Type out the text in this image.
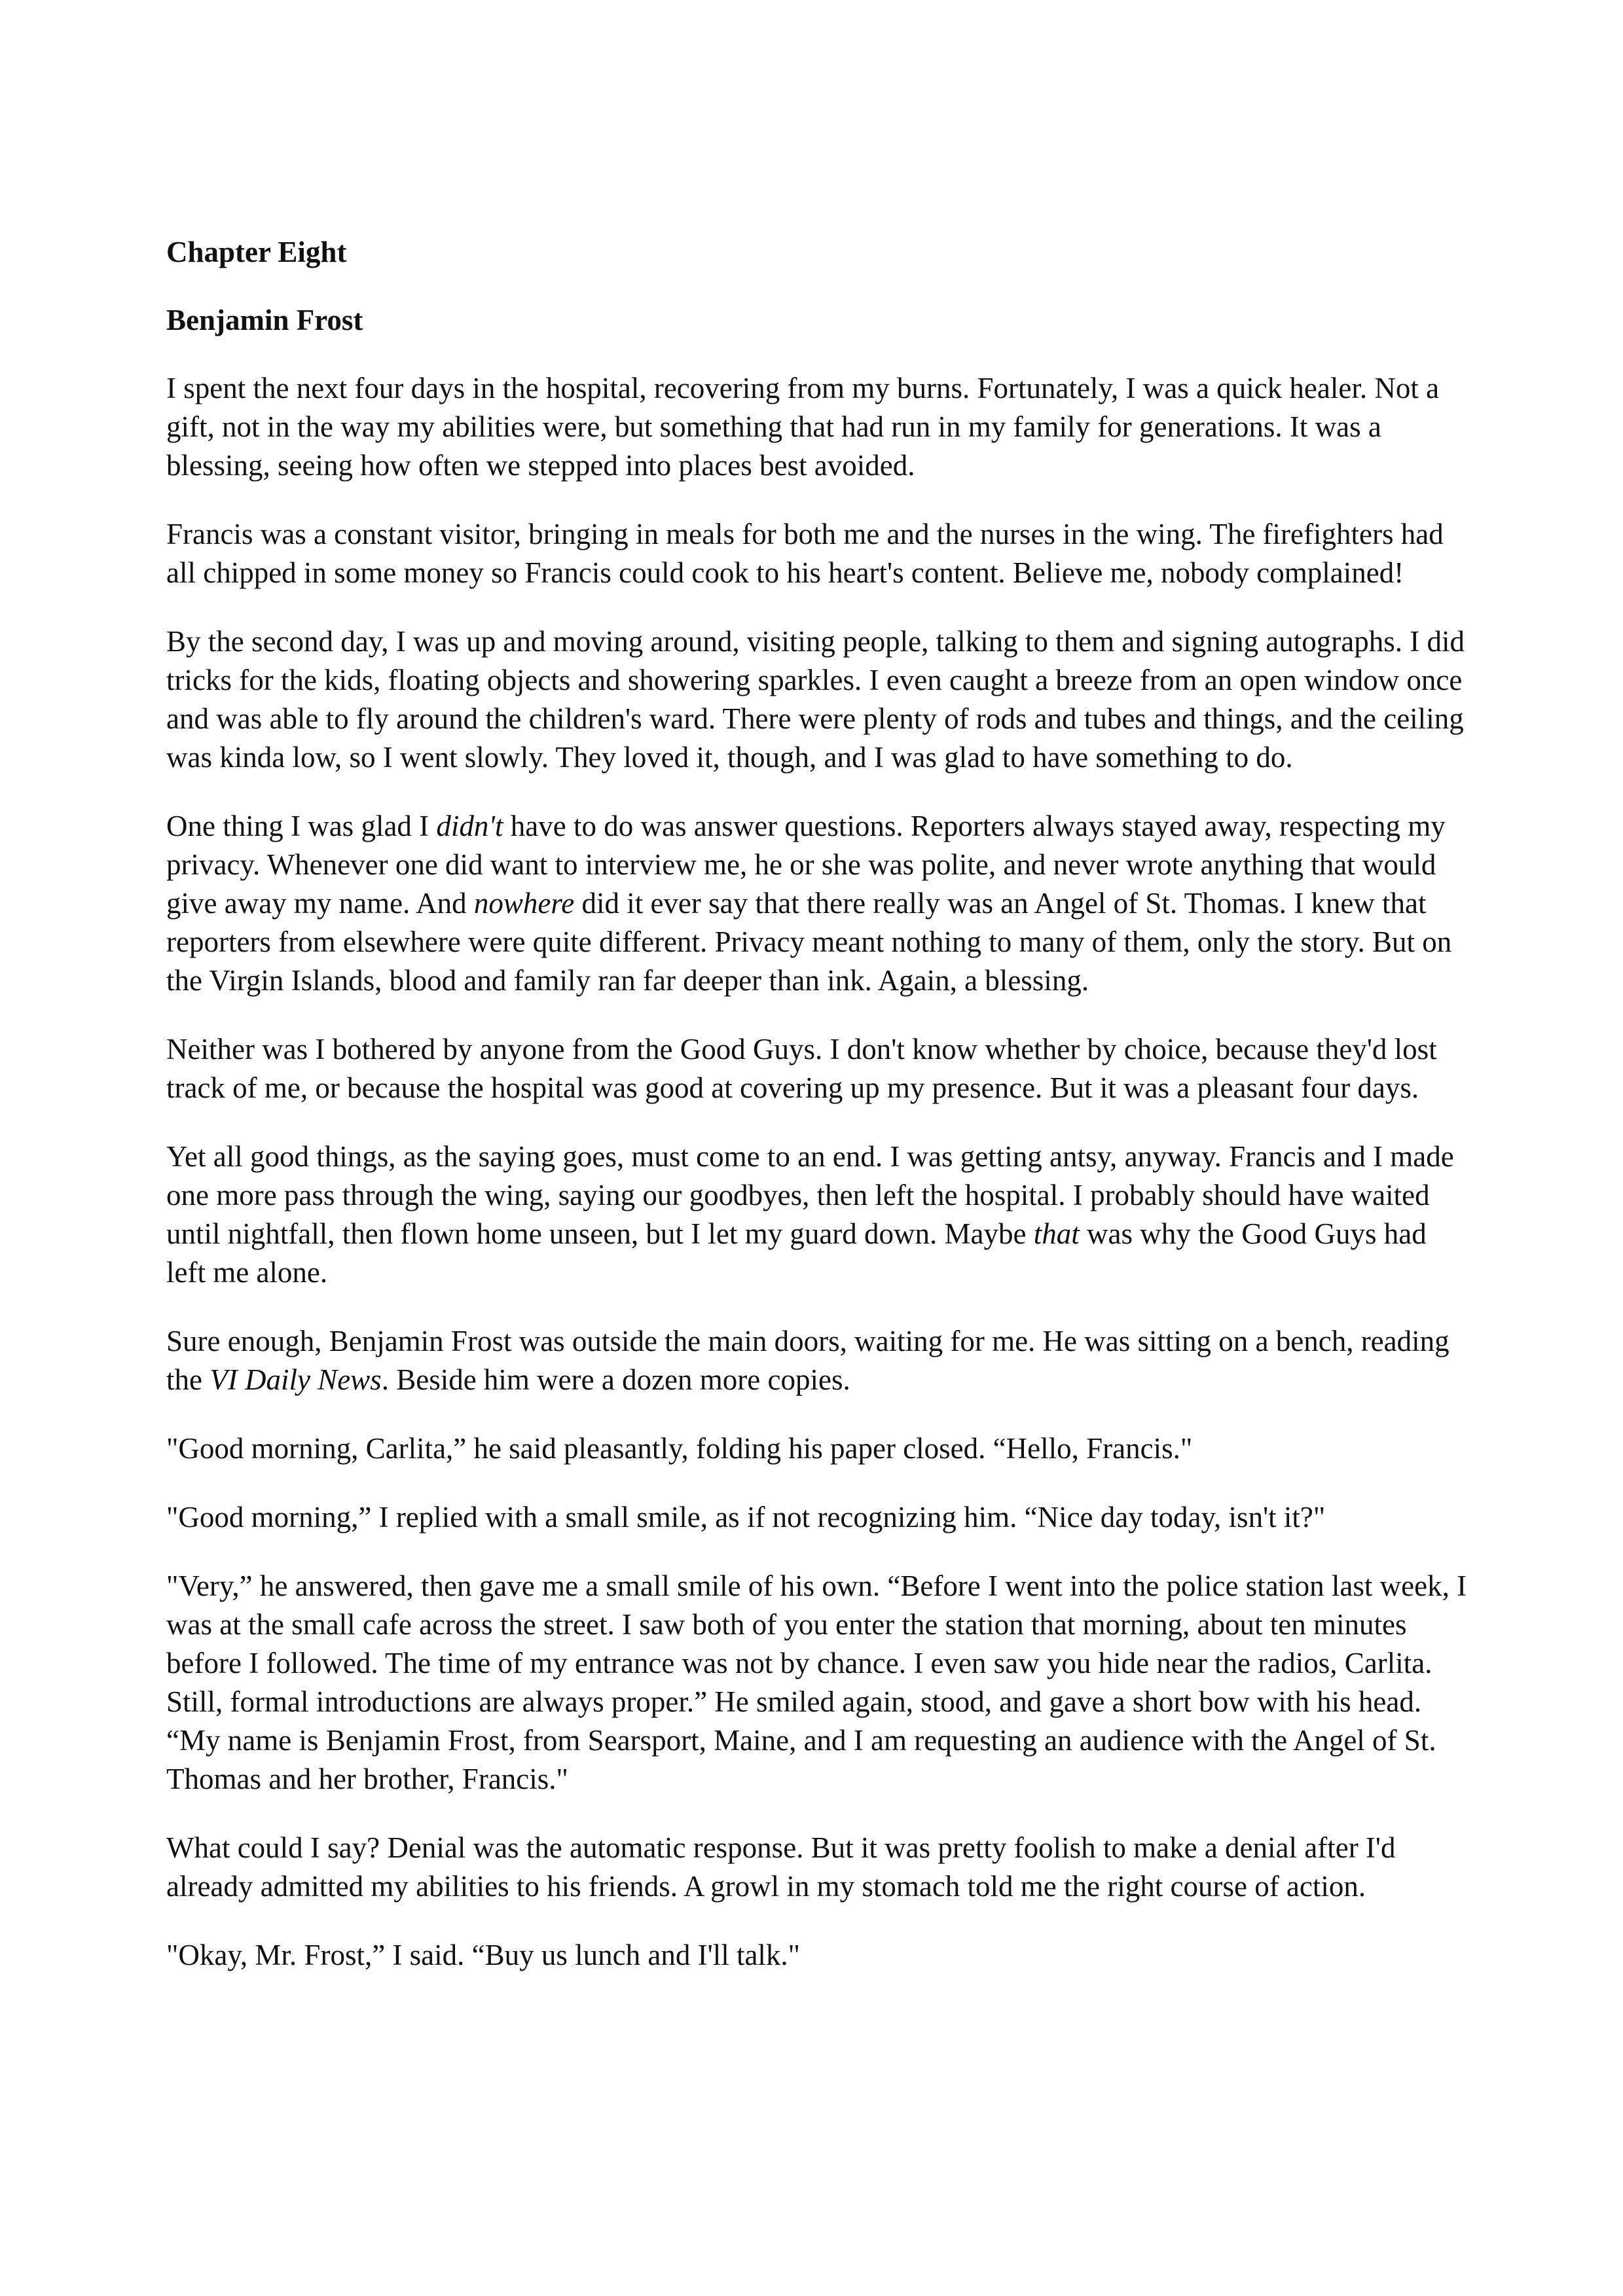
Chapter Eight

Benjamin Frost

I spent the next four days in the hospital, recovering from my burns. Fortunately, I was a quick healer. Not a gift, not in the way my abilities were, but something that had run in my family for generations. It was a blessing, seeing how often we stepped into places best avoided.

Francis was a constant visitor, bringing in meals for both me and the nurses in the wing. The firefighters had all chipped in some money so Francis could cook to his heart's content. Believe me, nobody complained!

By the second day, I was up and moving around, visiting people, talking to them and signing autographs. I did tricks for the kids, floating objects and showering sparkles. I even caught a breeze from an open window once and was able to fly around the children's ward. There were plenty of rods and tubes and things, and the ceiling was kinda low, so I went slowly. They loved it, though, and I was glad to have something to do.

One thing I was glad I didn't have to do was answer questions. Reporters always stayed away, respecting my privacy. Whenever one did want to interview me, he or she was polite, and never wrote anything that would give away my name. And nowhere did it ever say that there really was an Angel of St. Thomas. I knew that reporters from elsewhere were quite different. Privacy meant nothing to many of them, only the story. But on the Virgin Islands, blood and family ran far deeper than ink. Again, a blessing.

Neither was I bothered by anyone from the Good Guys. I don't know whether by choice, because they'd lost track of me, or because the hospital was good at covering up my presence. But it was a pleasant four days.

Yet all good things, as the saying goes, must come to an end. I was getting antsy, anyway. Francis and I made one more pass through the wing, saying our goodbyes, then left the hospital. I probably should have waited until nightfall, then flown home unseen, but I let my guard down. Maybe that was why the Good Guys had left me alone.

Sure enough, Benjamin Frost was outside the main doors, waiting for me. He was sitting on a bench, reading the VI Daily News. Beside him were a dozen more copies.

"Good morning, Carlita,” he said pleasantly, folding his paper closed. “Hello, Francis."

"Good morning,” I replied with a small smile, as if not recognizing him. “Nice day today, isn't it?"

"Very,” he answered, then gave me a small smile of his own. “Before I went into the police station last week, I was at the small cafe across the street. I saw both of you enter the station that morning, about ten minutes before I followed. The time of my entrance was not by chance. I even saw you hide near the radios, Carlita. Still, formal introductions are always proper.” He smiled again, stood, and gave a short bow with his head. “My name is Benjamin Frost, from Searsport, Maine, and I am requesting an audience with the Angel of St. Thomas and her brother, Francis."

What could I say? Denial was the automatic response. But it was pretty foolish to make a denial after I'd already admitted my abilities to his friends. A growl in my stomach told me the right course of action.

"Okay, Mr. Frost,” I said. “Buy us lunch and I'll talk."
